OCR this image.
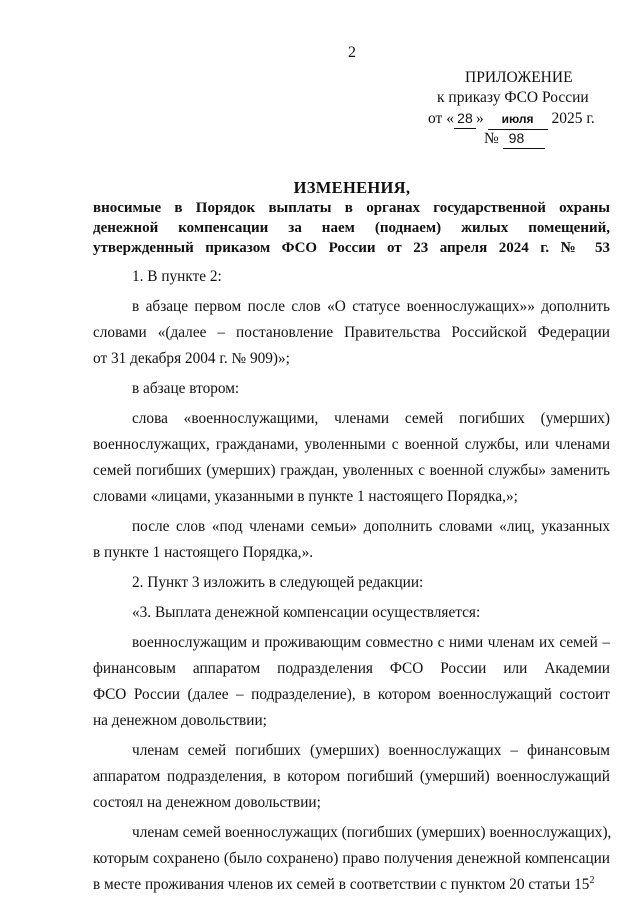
2
ПРИЛОЖЕНИЕ
к приказу ФСО России
от « 28 » июля 2025 г.
№ 98
ИЗМЕНЕНИЯ,
вносимые в Порядок выплаты в органах государственной охраны
денежной компенсации за наем (поднаем) жилых помещений,
утвержденный приказом ФСО России от 23 апреля 2024 г. № 53
1. В пункте 2:
в абзаце первом после слов «О статусе военнослужащих»» дополнить
словами «(далее – постановление Правительства Российской Федерации
от 31 декабря 2004 г. № 909)»;
в абзаце втором:
слова «военнослужащими, членами семей погибших (умерших)
военнослужащих, гражданами, уволенными с военной службы, или членами
семей погибших (умерших) граждан, уволенных с военной службы» заменить
словами «лицами, указанными в пункте 1 настоящего Порядка,»;
после слов «под членами семьи» дополнить словами «лиц, указанных
в пункте 1 настоящего Порядка,».
2. Пункт 3 изложить в следующей редакции:
«3. Выплата денежной компенсации осуществляется:
военнослужащим и проживающим совместно с ними членам их семей –
финансовым аппаратом подразделения ФСО России или Академии
ФСО России (далее – подразделение), в котором военнослужащий состоит
на денежном довольствии;
членам семей погибших (умерших) военнослужащих – финансовым
аппаратом подразделения, в котором погибший (умерший) военнослужащий
состоял на денежном довольствии;
членам семей военнослужащих (погибших (умерших) военнослужащих),
которым сохранено (было сохранено) право получения денежной компенсации
в месте проживания членов их семей в соответствии с пунктом 20 статьи $15^2$
